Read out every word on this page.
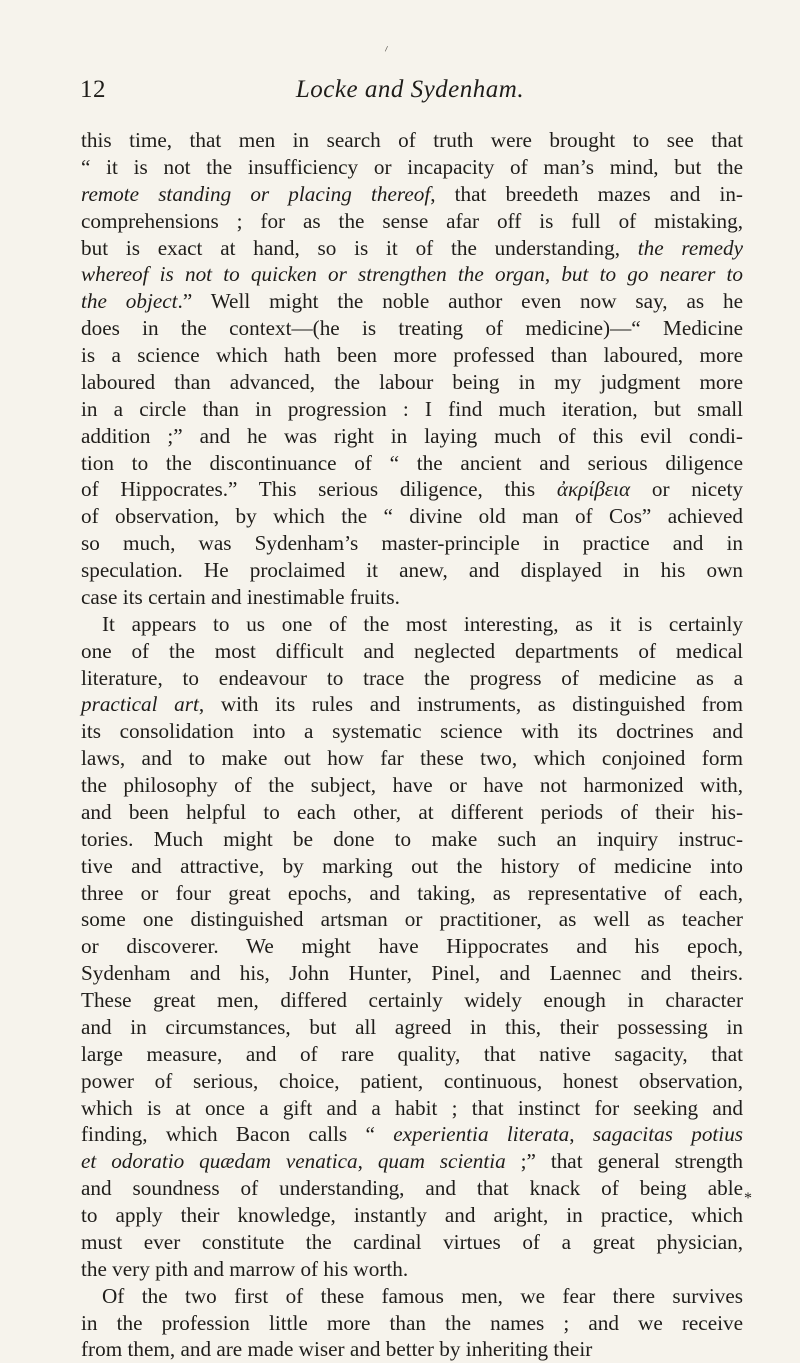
⸍
12	Locke and Sydenham.
this time, that men in search of truth were brought to see that
“ it is not the insufficiency or incapacity of man’s mind, but the
remote standing or placing thereof, that breedeth mazes and in-
comprehensions ; for as the sense afar off is full of mistaking,
but is exact at hand, so is it of the understanding, the remedy
whereof is not to quicken or strengthen the organ, but to go nearer to
the object.” Well might the noble author even now say, as he
does in the context—(he is treating of medicine)—“ Medicine
is a science which hath been more professed than laboured, more
laboured than advanced, the labour being in my judgment more
in a circle than in progression : I find much iteration, but small
addition ;” and he was right in laying much of this evil condi-
tion to the discontinuance of “ the ancient and serious diligence
of Hippocrates.” This serious diligence, this ἀκρίβεια or nicety
of observation, by which the “ divine old man of Cos” achieved
so much, was Sydenham’s master-principle in practice and in
speculation. He proclaimed it anew, and displayed in his own
case its certain and inestimable fruits.
It appears to us one of the most interesting, as it is certainly
one of the most difficult and neglected departments of medical
literature, to endeavour to trace the progress of medicine as a
practical art, with its rules and instruments, as distinguished from
its consolidation into a systematic science with its doctrines and
laws, and to make out how far these two, which conjoined form
the philosophy of the subject, have or have not harmonized with,
and been helpful to each other, at different periods of their his-
tories. Much might be done to make such an inquiry instruc-
tive and attractive, by marking out the history of medicine into
three or four great epochs, and taking, as representative of each,
some one distinguished artsman or practitioner, as well as teacher
or discoverer. We might have Hippocrates and his epoch,
Sydenham and his, John Hunter, Pinel, and Laennec and theirs.
These great men, differed certainly widely enough in character
and in circumstances, but all agreed in this, their possessing in
large measure, and of rare quality, that native sagacity, that
power of serious, choice, patient, continuous, honest observation,
which is at once a gift and a habit ; that instinct for seeking and
finding, which Bacon calls “ experientia literata, sagacitas potius
et odoratio quædam venatica, quam scientia ;” that general strength
and soundness of understanding, and that knack of being able
to apply their knowledge, instantly and aright, in practice, which
must ever constitute the cardinal virtues of a great physician,
the very pith and marrow of his worth.
Of the two first of these famous men, we fear there survives
in the profession little more than the names ; and we receive
from them, and are made wiser and better by inheriting their
*
